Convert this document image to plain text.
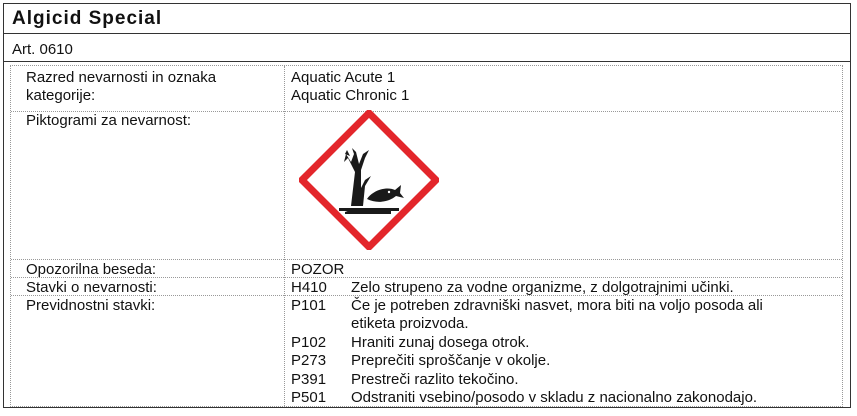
Algicid Special
Art. 0610
Razred nevarnosti in oznaka kategorije:
Aquatic Acute 1
Aquatic Chronic 1
Piktogrami za nevarnost:
Opozorilna beseda:	POZOR
Stavki o nevarnosti:	H410	Zelo strupeno za vodne organizme, z dolgotrajnimi učinki.
Previdnostni stavki:	P101	Če je potreben zdravniški nasvet, mora biti na voljo posoda ali etiketa proizvoda.
P102	Hraniti zunaj dosega otrok.
P273	Preprečiti sproščanje v okolje.
P391	Prestreči razlito tekočino.
P501	Odstraniti vsebino/posodo v skladu z nacionalno zakonodajo.
